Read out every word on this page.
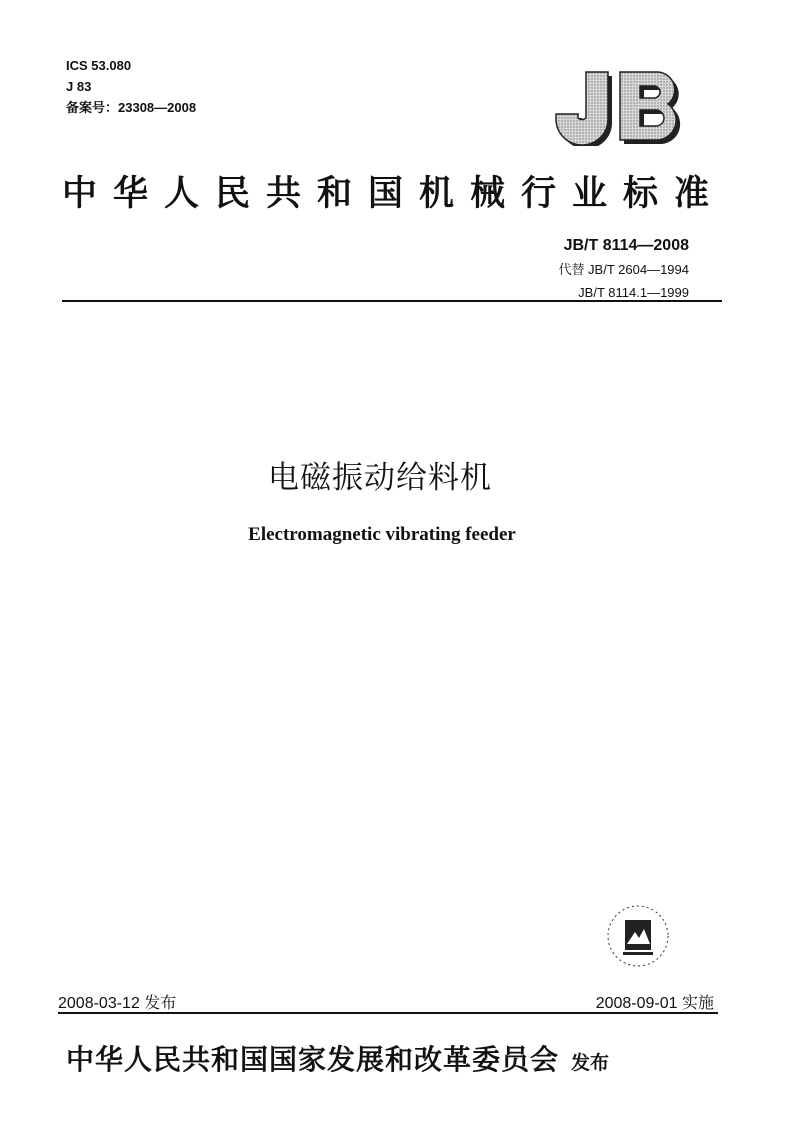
ICS 53.080
J 83
备案号：23308—2008
中华人民共和国机械行业标准
JB/T 8114—2008
代替 JB/T 2604—1994
JB/T 8114.1—1999
电磁振动给料机
Electromagnetic vibrating feeder
2008-03-12 发布	2008-09-01 实施
中华人民共和国国家发展和改革委员会 发布
